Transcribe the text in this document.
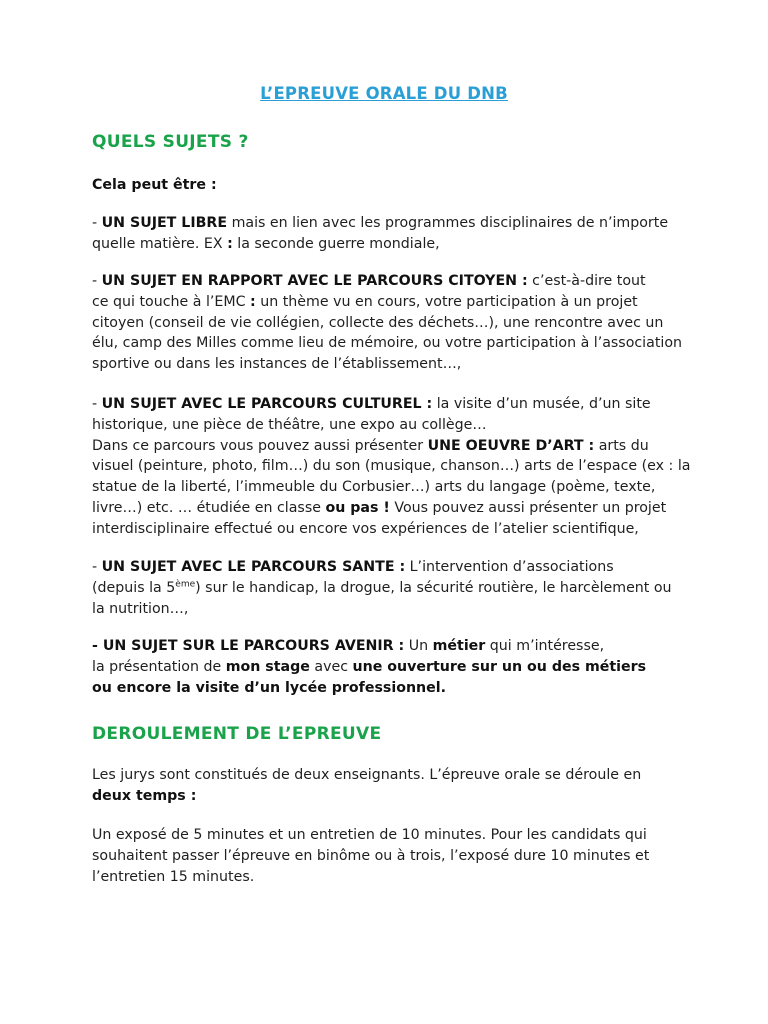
L’EPREUVE ORALE DU DNB
QUELS SUJETS ?
Cela peut être :
- UN SUJET LIBRE mais en lien avec les programmes disciplinaires de n’importe
quelle matière. EX : la seconde guerre mondiale,
- UN SUJET EN RAPPORT AVEC LE PARCOURS CITOYEN : c’est-à-dire tout
ce qui touche à l’EMC : un thème vu en cours, votre participation à un projet
citoyen (conseil de vie collégien, collecte des déchets…), une rencontre avec un
élu, camp des Milles comme lieu de mémoire, ou votre participation à l’association
sportive ou dans les instances de l’établissement…,
- UN SUJET AVEC LE PARCOURS CULTUREL : la visite d’un musée, d’un site
historique, une pièce de théâtre, une expo au collège…
Dans ce parcours vous pouvez aussi présenter UNE OEUVRE D’ART : arts du
visuel (peinture, photo, film…) du son (musique, chanson…) arts de l’espace (ex : la
statue de la liberté, l’immeuble du Corbusier…) arts du langage (poème, texte,
livre…) etc. … étudiée en classe ou pas ! Vous pouvez aussi présenter un projet
interdisciplinaire effectué ou encore vos expériences de l’atelier scientifique,
- UN SUJET AVEC LE PARCOURS SANTE : L’intervention d’associations
(depuis la 5ème) sur le handicap, la drogue, la sécurité routière, le harcèlement ou
la nutrition…,
- UN SUJET SUR LE PARCOURS AVENIR : Un métier qui m’intéresse,
la présentation de mon stage avec une ouverture sur un ou des métiers
ou encore la visite d’un lycée professionnel.
DEROULEMENT DE L’EPREUVE
Les jurys sont constitués de deux enseignants. L’épreuve orale se déroule en
deux temps :
Un exposé de 5 minutes et un entretien de 10 minutes. Pour les candidats qui
souhaitent passer l’épreuve en binôme ou à trois, l’exposé dure 10 minutes et
l’entretien 15 minutes.
